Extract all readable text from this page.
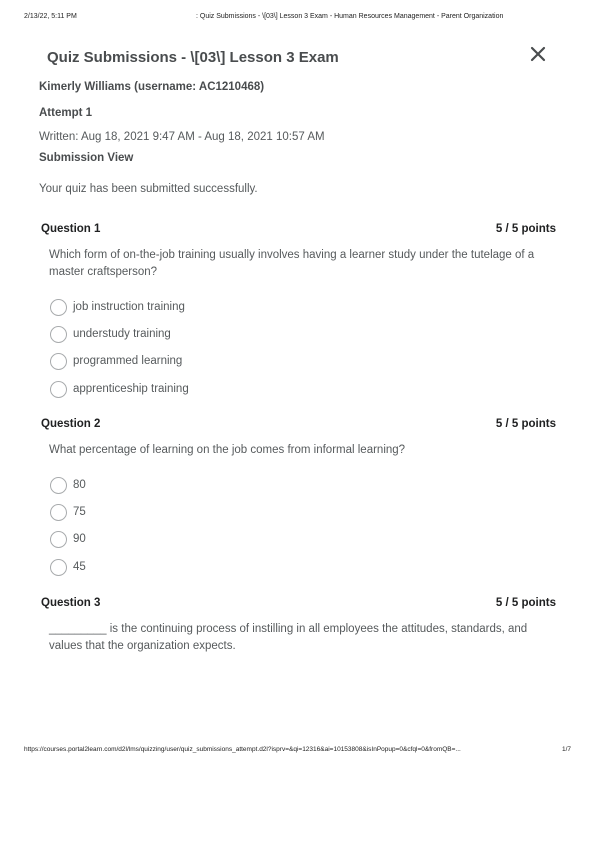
2/13/22, 5:11 PM	: Quiz Submissions - \[03\] Lesson 3 Exam - Human Resources Management - Parent Organization
Quiz Submissions - \[03\] Lesson 3 Exam
Kimerly Williams (username: AC1210468)
Attempt 1
Written: Aug 18, 2021 9:47 AM - Aug 18, 2021 10:57 AM
Submission View
Your quiz has been submitted successfully.
Question 1	5 / 5 points
Which form of on-the-job training usually involves having a learner study under the tutelage of a master craftsperson?
job instruction training
understudy training
programmed learning
apprenticeship training
Question 2	5 / 5 points
What percentage of learning on the job comes from informal learning?
80
75
90
45
Question 3	5 / 5 points
_________ is the continuing process of instilling in all employees the attitudes, standards, and values that the organization expects.
https://courses.portal2learn.com/d2l/lms/quizzing/user/quiz_submissions_attempt.d2l?isprv=&qi=12316&ai=10153808&isInPopup=0&cfql=0&fromQB=...	1/7
